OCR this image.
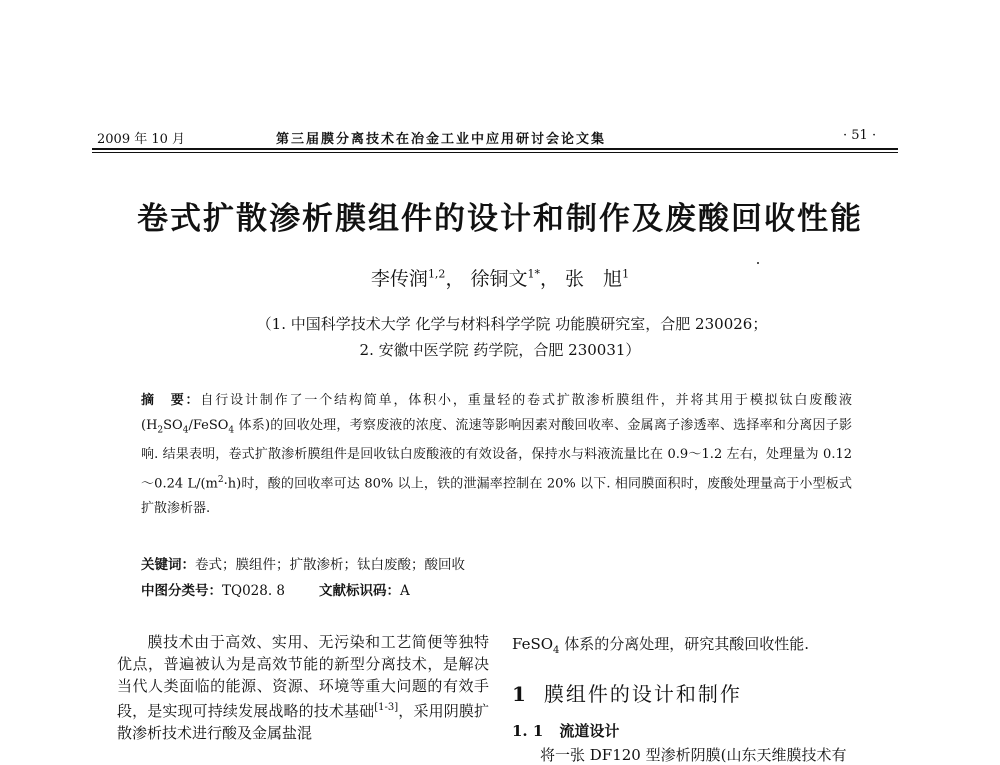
2009 年 10 月	第三届膜分离技术在冶金工业中应用研讨会论文集	· 51 ·
卷式扩散渗析膜组件的设计和制作及废酸回收性能
李传润$^{1,2}$， 徐铜文$^{1*}$， 张　旭$^1$
（1. 中国科学技术大学 化学与材料科学学院 功能膜研究室，合肥 230026；
2. 安徽中医学院 药学院，合肥 230031）
摘　要：自行设计制作了一个结构简单，体积小，重量轻的卷式扩散渗析膜组件，并将其用于模拟钛白废酸液($H_2SO_4/FeSO_4$ 体系)的回收处理，考察废液的浓度、流速等影响因素对酸回收率、金属离子渗透率、选择率和分离因子影响. 结果表明，卷式扩散渗析膜组件是回收钛白废酸液的有效设备，保持水与料液流量比在 0.9～1.2 左右，处理量为 0.12～0.24 $L/(m^2\cdot h)$时，酸的回收率可达 80% 以上，铁的泄漏率控制在 20% 以下. 相同膜面积时，废酸处理量高于小型板式扩散渗析器.
关键词：卷式；膜组件；扩散渗析；钛白废酸；酸回收
中图分类号：TQ028. 8	文献标识码：A
膜技术由于高效、实用、无污染和工艺简便等独特优点，普遍被认为是高效节能的新型分离技术，是解决当代人类面临的能源、资源、环境等重大问题的有效手段，是实现可持续发展战略的技术基础[1-3]，采用阴膜扩散渗析技术进行酸及金属盐混
FeSO$_4$ 体系的分离处理，研究其酸回收性能.
1 膜组件的设计和制作
1. 1 流道设计
将一张 DF120 型渗析阴膜(山东天维膜技术有
